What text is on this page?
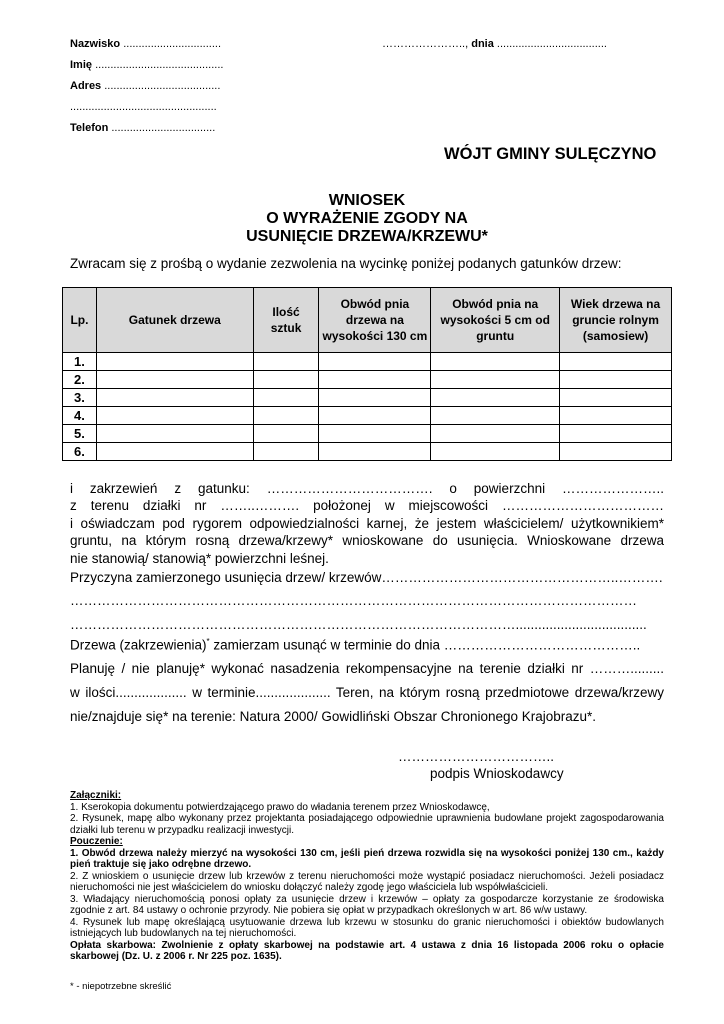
Nazwisko ................................	………………….., dnia ....................................
Imię ..........................................
Adres ......................................
................................................
Telefon ..................................
WÓJT GMINY SULĘCZYNO
WNIOSEK
O WYRAŻENIE ZGODY NA
USUNIĘCIE DRZEWA/KRZEWU*
Zwracam się z prośbą o wydanie zezwolenia na wycinkę poniżej podanych gatunków drzew:
Lp.	Gatunek drzewa	Ilość sztuk	Obwód pnia drzewa na wysokości 130 cm	Obwód pnia na wysokości 5 cm od gruntu	Wiek drzewa na gruncie rolnym (samosiew)
1.					
2.					
3.					
4.					
5.					
6.					
i zakrzewień z gatunku: ………………………………. o powierzchni …………………..
z terenu działki nr ……..………. położonej w miejscowości ………………………………
i oświadczam pod rygorem odpowiedzialności karnej, że jestem właścicielem/ użytkownikiem*
gruntu, na którym rosną drzewa/krzewy* wnioskowane do usunięcia. Wnioskowane drzewa
nie stanowią/ stanowią* powierzchni leśnej.
Przyczyna zamierzonego usunięcia drzew/ krzewów……………………………………………..……….
………………………………………………………………………………………………………………
………………………………………………………………………………………...................................
Drzewa (zakrzewienia)* zamierzam usunąć w terminie do dnia ……………………………………..
Planuję / nie planuję* wykonać nasadzenia rekompensacyjne na terenie działki nr ……….........
w ilości................... w terminie.................... Teren, na którym rosną przedmiotowe drzewa/krzewy
nie/znajduje się* na terenie: Natura 2000/ Gowidliński Obszar Chronionego Krajobrazu*.
……………………………..
podpis Wnioskodawcy
Załączniki:
1. Kserokopia dokumentu potwierdzającego prawo do władania terenem przez Wnioskodawcę,
2. Rysunek, mapę albo wykonany przez projektanta posiadającego odpowiednie uprawnienia budowlane projekt zagospodarowania działki lub terenu w przypadku realizacji inwestycji.
Pouczenie:
1. Obwód drzewa należy mierzyć na wysokości 130 cm, jeśli pień drzewa rozwidla się na wysokości poniżej 130 cm., każdy pień traktuje się jako odrębne drzewo.
2. Z wnioskiem o usunięcie drzew lub krzewów z terenu nieruchomości może wystąpić posiadacz nieruchomości. Jeżeli posiadacz nieruchomości nie jest właścicielem do wniosku dołączyć należy zgodę jego właściciela lub współwłaścicieli.
3. Władający nieruchomością ponosi opłaty za usunięcie drzew i krzewów – opłaty za gospodarcze korzystanie ze środowiska zgodnie z art. 84 ustawy o ochronie przyrody. Nie pobiera się opłat w przypadkach określonych w art. 86 w/w ustawy.
4. Rysunek lub mapę określającą usytuowanie drzewa lub krzewu w stosunku do granic nieruchomości i obiektów budowlanych istniejących lub budowlanych na tej nieruchomości.
Opłata skarbowa: Zwolnienie z opłaty skarbowej na podstawie art. 4 ustawa z dnia 16 listopada 2006 roku o opłacie skarbowej (Dz. U. z 2006 r. Nr 225 poz. 1635).
* - niepotrzebne skreślić
